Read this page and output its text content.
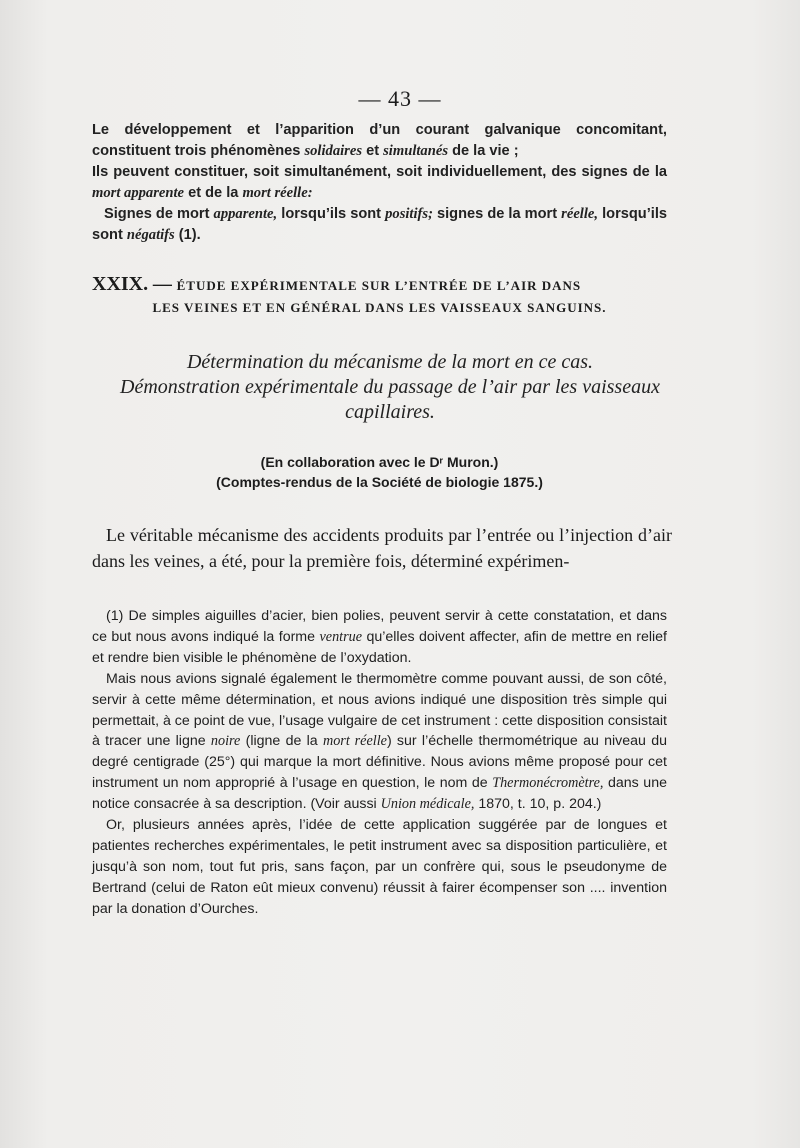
— 43 —

Le développement et l’apparition d’un courant galvanique concomitant, constituent trois phénomènes solidaires et simultanés de la vie ;

Ils peuvent constituer, soit simultanément, soit individuellement, des signes de la mort apparente et de la mort réelle:

Signes de mort apparente, lorsqu’ils sont positifs; signes de la mort réelle, lorsqu’ils sont négatifs (1).

XXIX. — ÉTUDE EXPÉRIMENTALE SUR L’ENTRÉE DE L’AIR DANS
LES VEINES ET EN GÉNÉRAL DANS LES VAISSEAUX SANGUINS.
Détermination du mécanisme de la mort en ce cas.
Démonstration expérimentale du passage de l’air par les vaisseaux
capillaires.
(En collaboration avec le Dʳ Muron.)
(Comptes-rendus de la Société de biologie 1875.)

Le véritable mécanisme des accidents produits par l’entrée ou l’injection d’air dans les veines, a été, pour la première fois, déterminé expérimen-

(1) De simples aiguilles d’acier, bien polies, peuvent servir à cette constatation, et dans ce but nous avons indiqué la forme ventrue qu’elles doivent affecter, afin de mettre en relief et rendre bien visible le phénomène de l’oxydation.

Mais nous avions signalé également le thermomètre comme pouvant aussi, de son côté, servir à cette même détermination, et nous avions indiqué une disposition très simple qui permettait, à ce point de vue, l’usage vulgaire de cet instrument : cette disposition consistait à tracer une ligne noire (ligne de la mort réelle) sur l’échelle thermométrique au niveau du degré centigrade (25°) qui marque la mort définitive. Nous avions même proposé pour cet instrument un nom approprié à l’usage en question, le nom de Thermonécromètre, dans une notice consacrée à sa description. (Voir aussi Union médicale, 1870, t. 10, p. 204.)

Or, plusieurs années après, l’idée de cette application suggérée par de longues et patientes recherches expérimentales, le petit instrument avec sa disposition particulière, et jusqu’à son nom, tout fut pris, sans façon, par un confrère qui, sous le pseudonyme de Bertrand (celui de Raton eût mieux convenu) réussit à fairer écompenser son .... invention par la donation d’Ourches.
